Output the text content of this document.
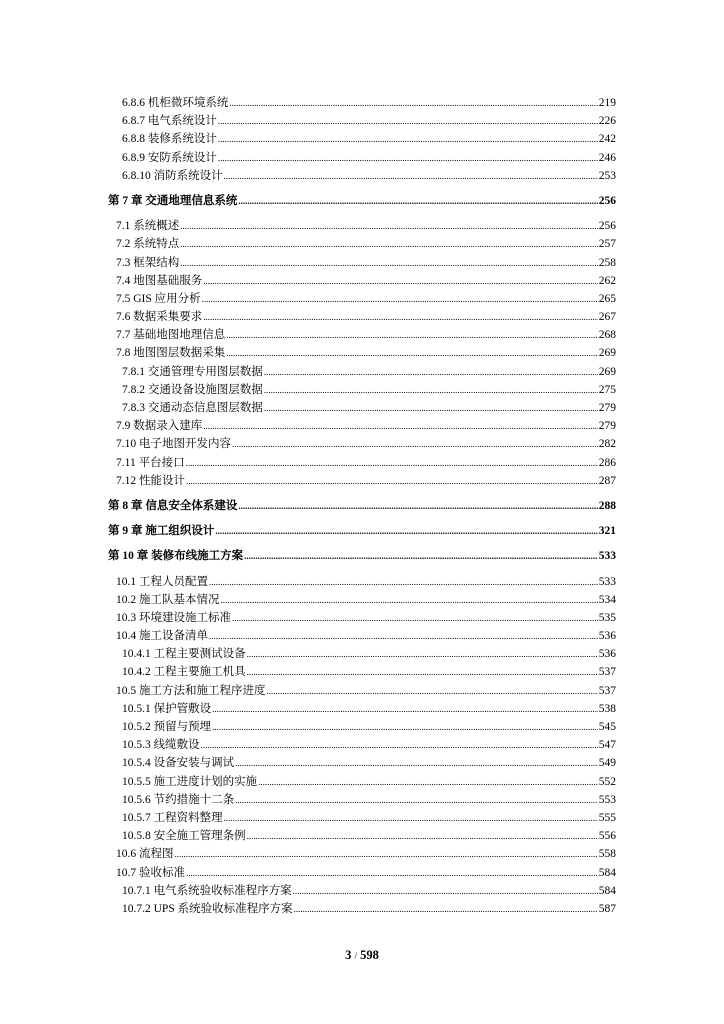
6.8.6 机柜微环境系统 .....	219
6.8.7 电气系统设计 .....	226
6.8.8 装修系统设计 .....	242
6.8.9 安防系统设计 .....	246
6.8.10 消防系统设计 .....	253
第 7 章 交通地理信息系统 .....	256
7.1 系统概述 .....	256
7.2 系统特点 .....	257
7.3 框架结构 .....	258
7.4 地图基础服务 .....	262
7.5 GIS 应用分析 .....	265
7.6 数据采集要求 .....	267
7.7 基础地图地理信息 .....	268
7.8 地图图层数据采集 .....	269
7.8.1 交通管理专用图层数据 .....	269
7.8.2 交通设备设施图层数据 .....	275
7.8.3 交通动态信息图层数据 .....	279
7.9 数据录入建库 .....	279
7.10 电子地图开发内容 .....	282
7.11 平台接口 .....	286
7.12 性能设计 .....	287
第 8 章 信息安全体系建设 .....	288
第 9 章 施工组织设计 .....	321
第 10 章 装修布线施工方案 .....	533
10.1 工程人员配置 .....	533
10.2 施工队基本情况 .....	534
10.3 环境建设施工标准 .....	535
10.4 施工设备清单 .....	536
10.4.1 工程主要测试设备 .....	536
10.4.2 工程主要施工机具 .....	537
10.5 施工方法和施工程序进度 .....	537
10.5.1 保护管敷设 .....	538
10.5.2 预留与预埋 .....	545
10.5.3 线缆敷设 .....	547
10.5.4 设备安装与调试 .....	549
10.5.5 施工进度计划的实施 .....	552
10.5.6 节约措施十二条 .....	553
10.5.7 工程资料整理 .....	555
10.5.8 安全施工管理条例 .....	556
10.6 流程图 .....	558
10.7 验收标准 .....	584
10.7.1 电气系统验收标准程序方案 .....	584
10.7.2 UPS 系统验收标准程序方案 .....	587
3 / 598
